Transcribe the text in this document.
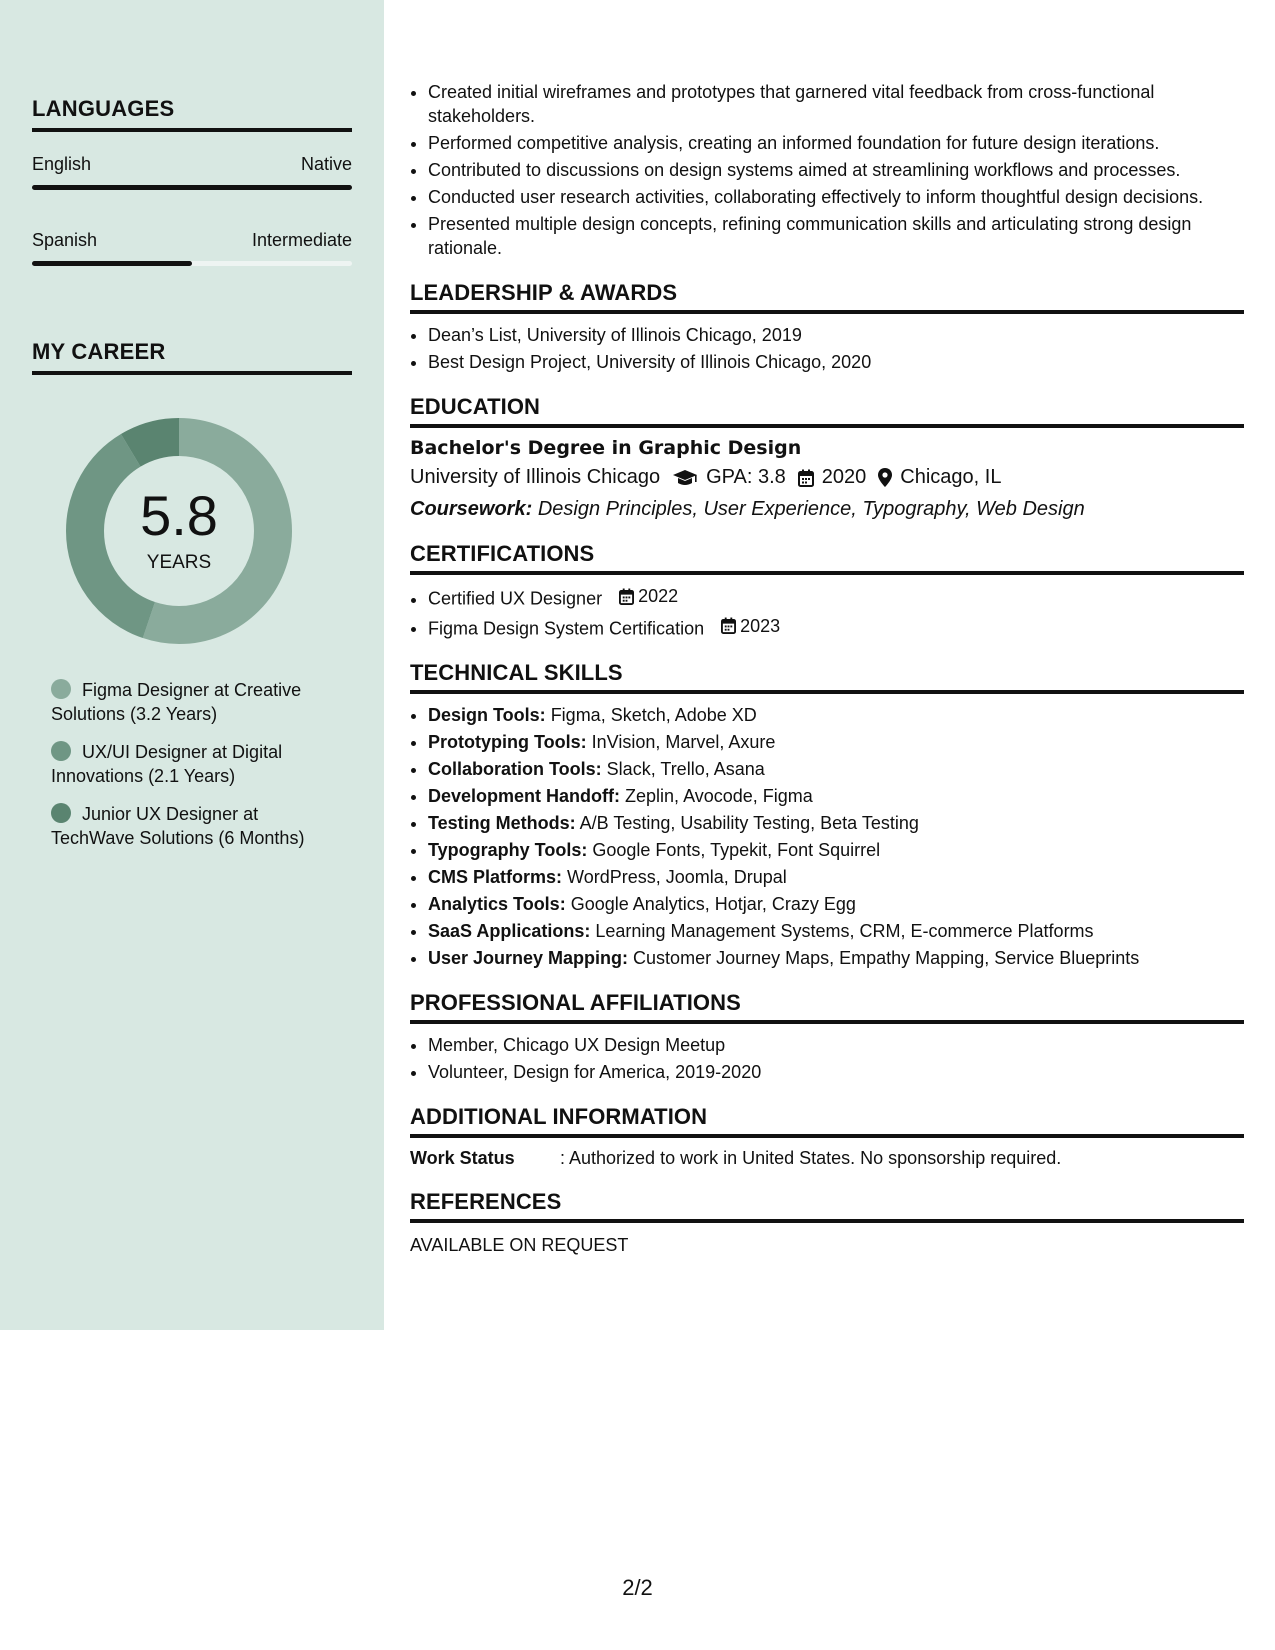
LANGUAGES
English	Native
Spanish	Intermediate
MY CAREER
5.8
YEARS
Figma Designer at Creative Solutions (3.2 Years)
UX/UI Designer at Digital Innovations (2.1 Years)
Junior UX Designer at TechWave Solutions (6 Months)
• Created initial wireframes and prototypes that garnered vital feedback from cross-functional stakeholders.
• Performed competitive analysis, creating an informed foundation for future design iterations.
• Contributed to discussions on design systems aimed at streamlining workflows and processes.
• Conducted user research activities, collaborating effectively to inform thoughtful design decisions.
• Presented multiple design concepts, refining communication skills and articulating strong design rationale.
LEADERSHIP & AWARDS
• Dean’s List, University of Illinois Chicago, 2019
• Best Design Project, University of Illinois Chicago, 2020
EDUCATION
Bachelor's Degree in Graphic Design
University of Illinois Chicago GPA: 3.8 2020 Chicago, IL
Coursework: Design Principles, User Experience, Typography, Web Design
CERTIFICATIONS
• Certified UX Designer 2022
• Figma Design System Certification 2023
TECHNICAL SKILLS
• Design Tools: Figma, Sketch, Adobe XD
• Prototyping Tools: InVision, Marvel, Axure
• Collaboration Tools: Slack, Trello, Asana
• Development Handoff: Zeplin, Avocode, Figma
• Testing Methods: A/B Testing, Usability Testing, Beta Testing
• Typography Tools: Google Fonts, Typekit, Font Squirrel
• CMS Platforms: WordPress, Joomla, Drupal
• Analytics Tools: Google Analytics, Hotjar, Crazy Egg
• SaaS Applications: Learning Management Systems, CRM, E-commerce Platforms
• User Journey Mapping: Customer Journey Maps, Empathy Mapping, Service Blueprints
PROFESSIONAL AFFILIATIONS
• Member, Chicago UX Design Meetup
• Volunteer, Design for America, 2019-2020
ADDITIONAL INFORMATION
Work Status	: Authorized to work in United States. No sponsorship required.
REFERENCES
AVAILABLE ON REQUEST
2/2
